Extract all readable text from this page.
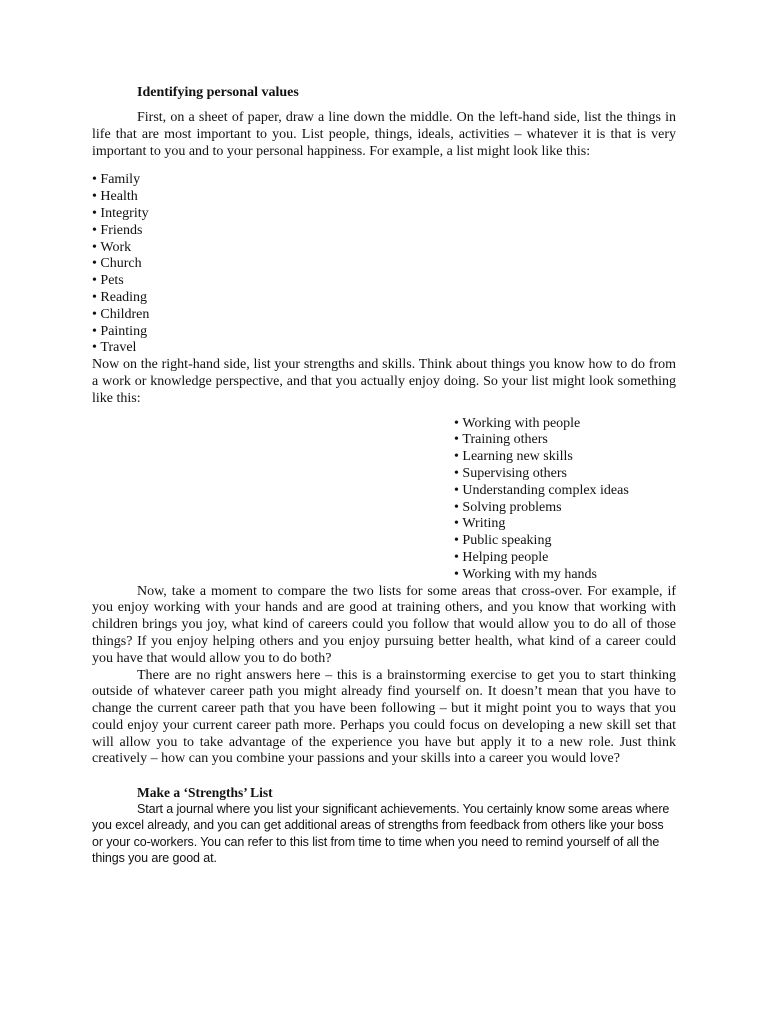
Identifying personal values

First, on a sheet of paper, draw a line down the middle. On the left-hand side, list the things in life that are most important to you. List people, things, ideals, activities – whatever it is that is very important to you and to your personal happiness. For example, a list might look like this:

• Family
• Health
• Integrity
• Friends
• Work
• Church
• Pets
• Reading
• Children
• Painting
• Travel

Now on the right-hand side, list your strengths and skills. Think about things you know how to do from a work or knowledge perspective, and that you actually enjoy doing. So your list might look something like this:

• Working with people
• Training others
• Learning new skills
• Supervising others
• Understanding complex ideas
• Solving problems
• Writing
• Public speaking
• Helping people
• Working with my hands

Now, take a moment to compare the two lists for some areas that cross-over. For example, if you enjoy working with your hands and are good at training others, and you know that working with children brings you joy, what kind of careers could you follow that would allow you to do all of those things? If you enjoy helping others and you enjoy pursuing better health, what kind of a career could you have that would allow you to do both?

There are no right answers here – this is a brainstorming exercise to get you to start thinking outside of whatever career path you might already find yourself on. It doesn’t mean that you have to change the current career path that you have been following – but it might point you to ways that you could enjoy your current career path more. Perhaps you could focus on developing a new skill set that will allow you to take advantage of the experience you have but apply it to a new role. Just think creatively – how can you combine your passions and your skills into a career you would love?

Make a ‘Strengths’ List

Start a journal where you list your significant achievements. You certainly know some areas where you excel already, and you can get additional areas of strengths from feedback from others like your boss or your co-workers. You can refer to this list from time to time when you need to remind yourself of all the things you are good at.
